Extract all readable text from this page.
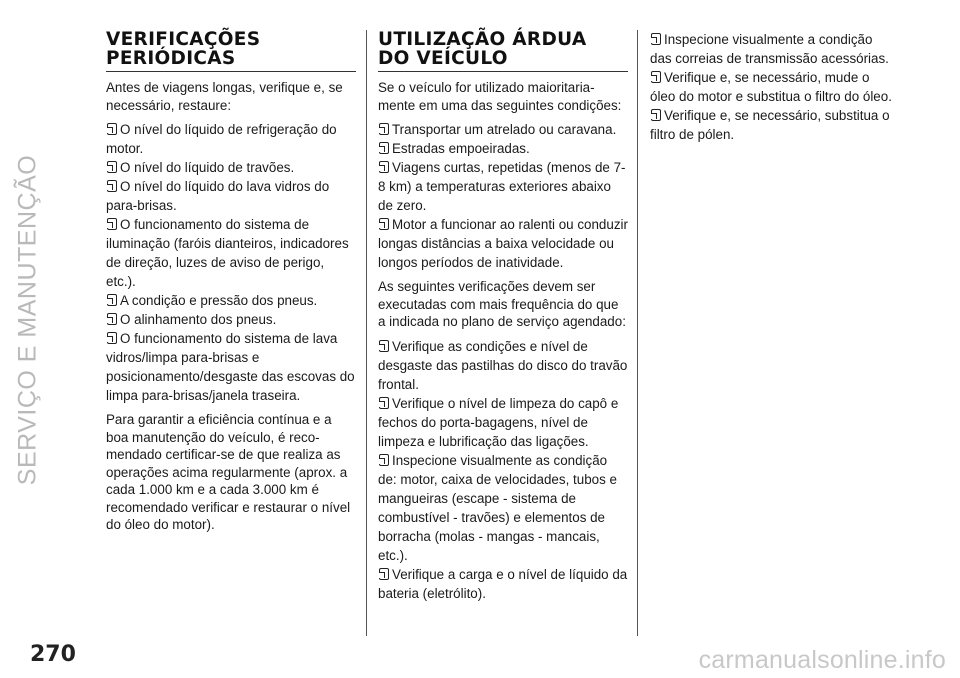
SERVIÇO E MANUTENÇÃO
VERIFICAÇÕES
PERIÓDICAS

Antes de viagens longas, verifique e, se necessário, restaure:

O nível do líquido de refrigeração do motor.
O nível do líquido de travões.
O nível do líquido do lava vidros do para-brisas.
O funcionamento do sistema de iluminação (faróis dianteiros, indicadores de direção, luzes de aviso de perigo, etc.).
A condição e pressão dos pneus.
O alinhamento dos pneus.
O funcionamento do sistema de lava vidros/limpa para-brisas e posicionamento/desgaste das escovas do limpa para-brisas/janela traseira.

Para garantir a eficiência contínua e a boa manutenção do veículo, é reco-mendado certificar-se de que realiza as operações acima regularmente (aprox. a cada 1.000 km e a cada 3.000 km é recomendado verificar e restaurar o nível do óleo do motor).

UTILIZAÇÃO ÁRDUA
DO VEÍCULO

Se o veículo for utilizado maioritaria-mente em uma das seguintes condições:

Transportar um atrelado ou caravana.
Estradas empoeiradas.
Viagens curtas, repetidas (menos de 7-8 km) a temperaturas exteriores abaixo de zero.
Motor a funcionar ao ralenti ou conduzir longas distâncias a baixa velocidade ou longos períodos de inatividade.

As seguintes verificações devem ser executadas com mais frequência do que a indicada no plano de serviço agendado:

Verifique as condições e nível de desgaste das pastilhas do disco do travão frontal.
Verifique o nível de limpeza do capô e fechos do porta-bagagens, nível de limpeza e lubrificação das ligações.
Inspecione visualmente as condição de: motor, caixa de velocidades, tubos e mangueiras (escape - sistema de combustível - travões) e elementos de borracha (molas - mangas - mancais, etc.).
Verifique a carga e o nível de líquido da bateria (eletrólito).
Inspecione visualmente a condição das correias de transmissão acessórias.
Verifique e, se necessário, mude o óleo do motor e substitua o filtro do óleo.
Verifique e, se necessário, substitua o filtro de pólen.
270	carmanualsonline.info
